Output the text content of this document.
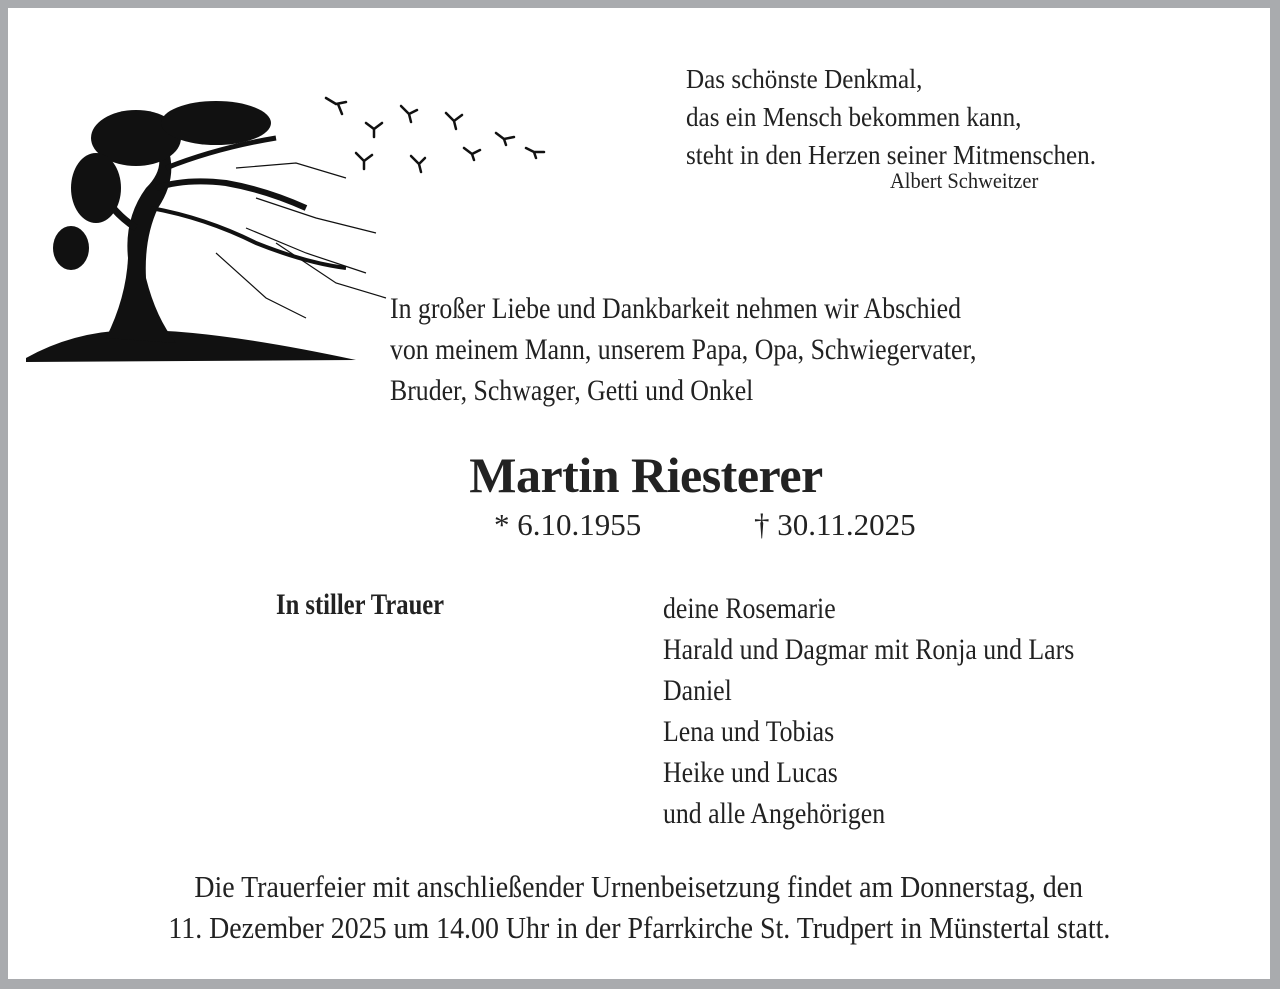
Das schönste Denkmal,
das ein Mensch bekommen kann,
steht in den Herzen seiner Mitmenschen.
Albert Schweitzer
In großer Liebe und Dankbarkeit nehmen wir Abschied
von meinem Mann, unserem Papa, Opa, Schwiegervater,
Bruder, Schwager, Getti und Onkel
Martin Riesterer
* 6.10.1955	† 30.11.2025
In stiller Trauer	deine Rosemarie
Harald und Dagmar mit Ronja und Lars
Daniel
Lena und Tobias
Heike und Lucas
und alle Angehörigen
Die Trauerfeier mit anschließender Urnenbeisetzung findet am Donnerstag, den
11. Dezember 2025 um 14.00 Uhr in der Pfarrkirche St. Trudpert in Münstertal statt.
